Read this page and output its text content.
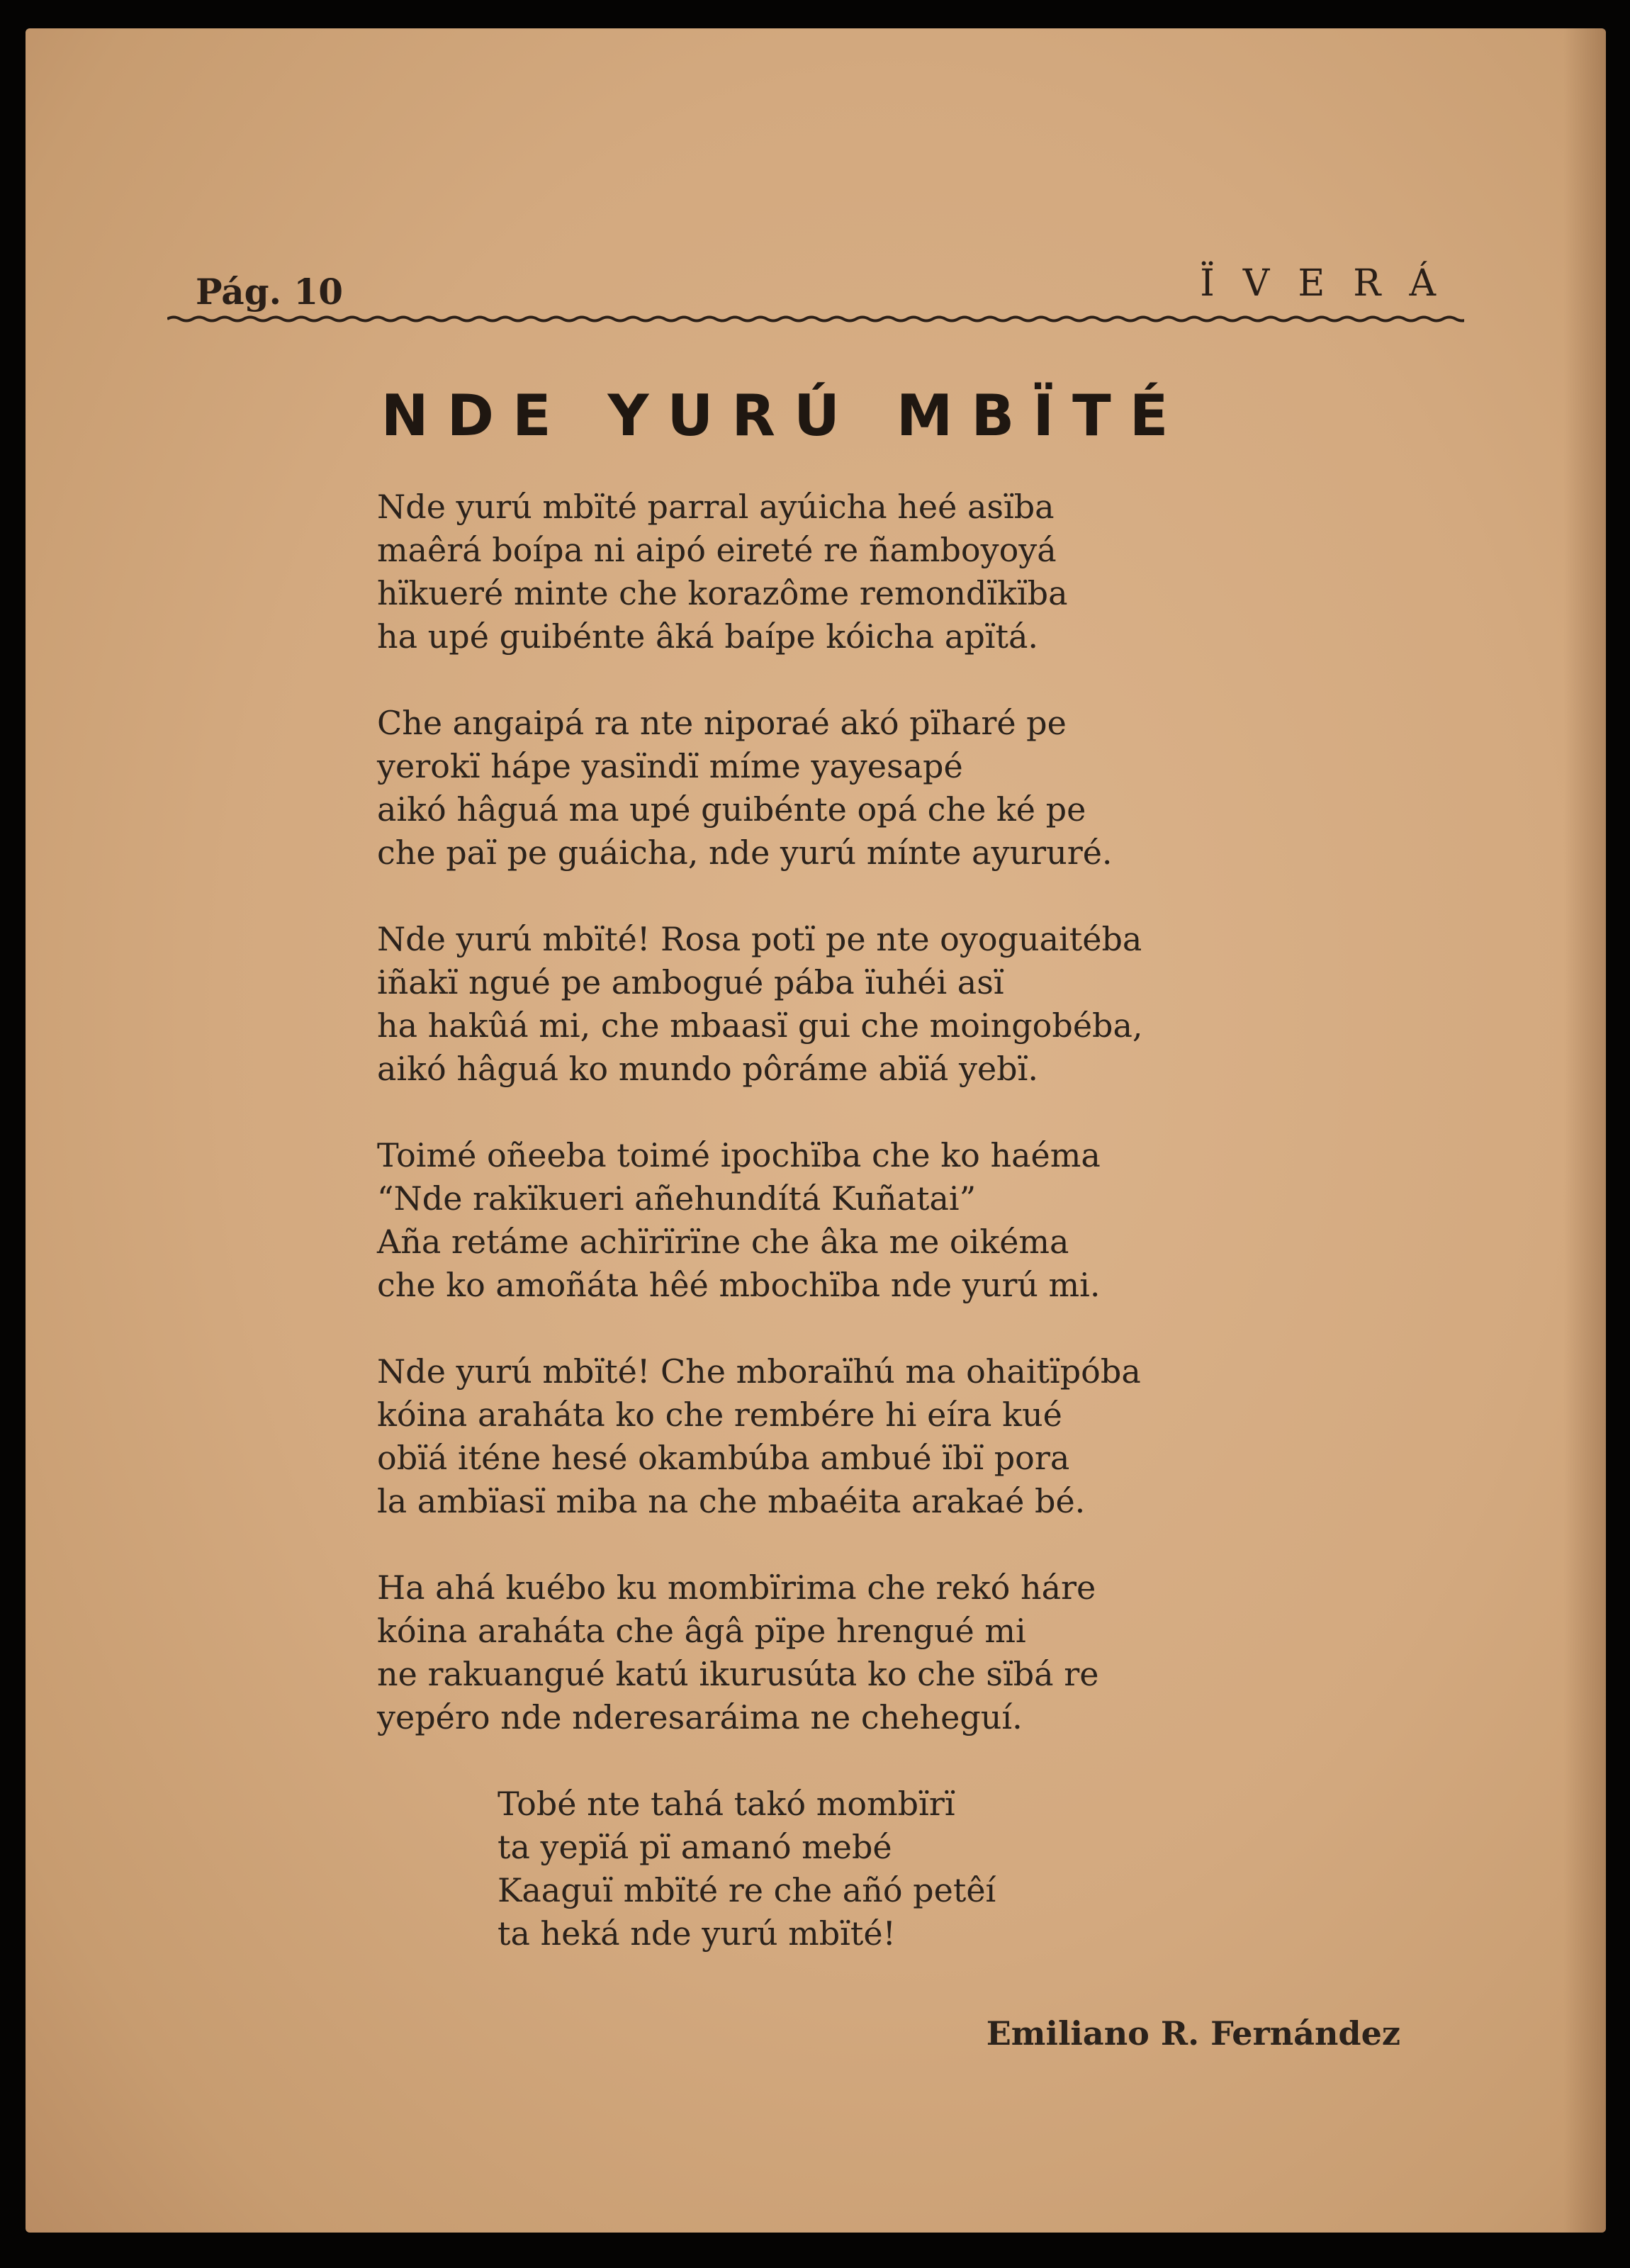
Pág. 10	ÏVERÁ
NDE YURÚ MBÏTÉ
Nde yurú mbïté parral ayúicha heé asïba
maêrá boípa ni aipó eireté re ñamboyoyá
hïkueré minte che korazôme remondïkïba
ha upé guibénte âká baípe kóicha apïtá.
Che angaipá ra nte niporaé akó pïharé pe
yerokï hápe yasïndï míme yayesapé
aikó hâguá ma upé guibénte opá che ké pe
che paï pe guáicha, nde yurú mínte ayururé.
Nde yurú mbïté! Rosa potï pe nte oyoguaitéba
iñakï ngué pe ambogué pába ïuhéi asï
ha hakûá mi, che mbaasï gui che moingobéba,
aikó hâguá ko mundo pôráme abïá yebï.
Toimé oñeeba toimé ipochïba che ko haéma
“Nde rakïkueri añehundítá Kuñatai”
Aña retáme achïrïrïne che âka me oikéma
che ko amoñáta hêé mbochïba nde yurú mi.
Nde yurú mbïté! Che mboraïhú ma ohaitïpóba
kóina araháta ko che rembére hi eíra kué
obïá iténe hesé okambúba ambué ïbï pora
la ambïasï miba na che mbaéita arakaé bé.
Ha ahá kuébo ku mombïrima che rekó háre
kóina arahátа che âgâ pïpe hrengué mi
ne rakuangué katú ikurusúta ko che sïbá re
yepéro nde nderesaráima ne cheheguí.
Tobé nte tahá takó mombïrï
ta yepïá pï amanó mebé
Kaaguï mbïté re che añó petêí
ta heká nde yurú mbïté!
Emiliano R. Fernández
